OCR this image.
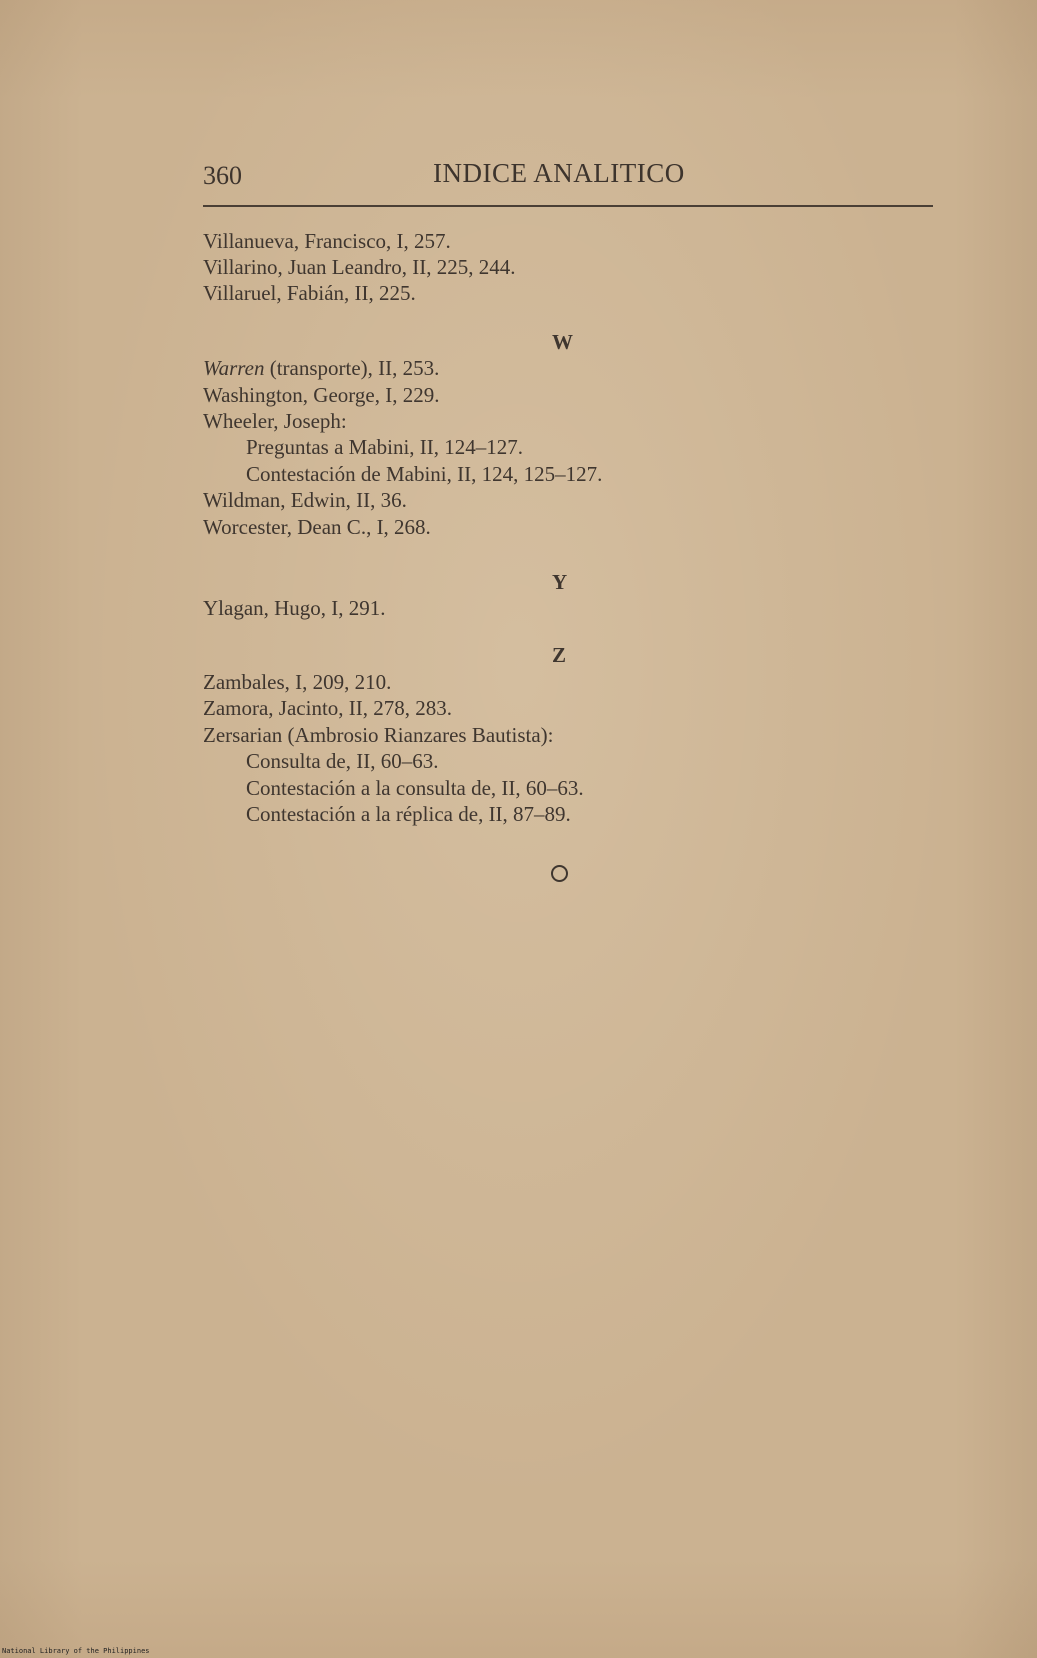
360	INDICE ANALITICO
Villanueva, Francisco, I, 257.
Villarino, Juan Leandro, II, 225, 244.
Villaruel, Fabián, II, 225.
W
Warren (transporte), II, 253.
Washington, George, I, 229.
Wheeler, Joseph:
Preguntas a Mabini, II, 124–127.
Contestación de Mabini, II, 124, 125–127.
Wildman, Edwin, II, 36.
Worcester, Dean C., I, 268.
Y
Ylagan, Hugo, I, 291.
Z
Zambales, I, 209, 210.
Zamora, Jacinto, II, 278, 283.
Zersarian (Ambrosio Rianzares Bautista):
Consulta de, II, 60–63.
Contestación a la consulta de, II, 60–63.
Contestación a la réplica de, II, 87–89.
National Library of the Philippines
